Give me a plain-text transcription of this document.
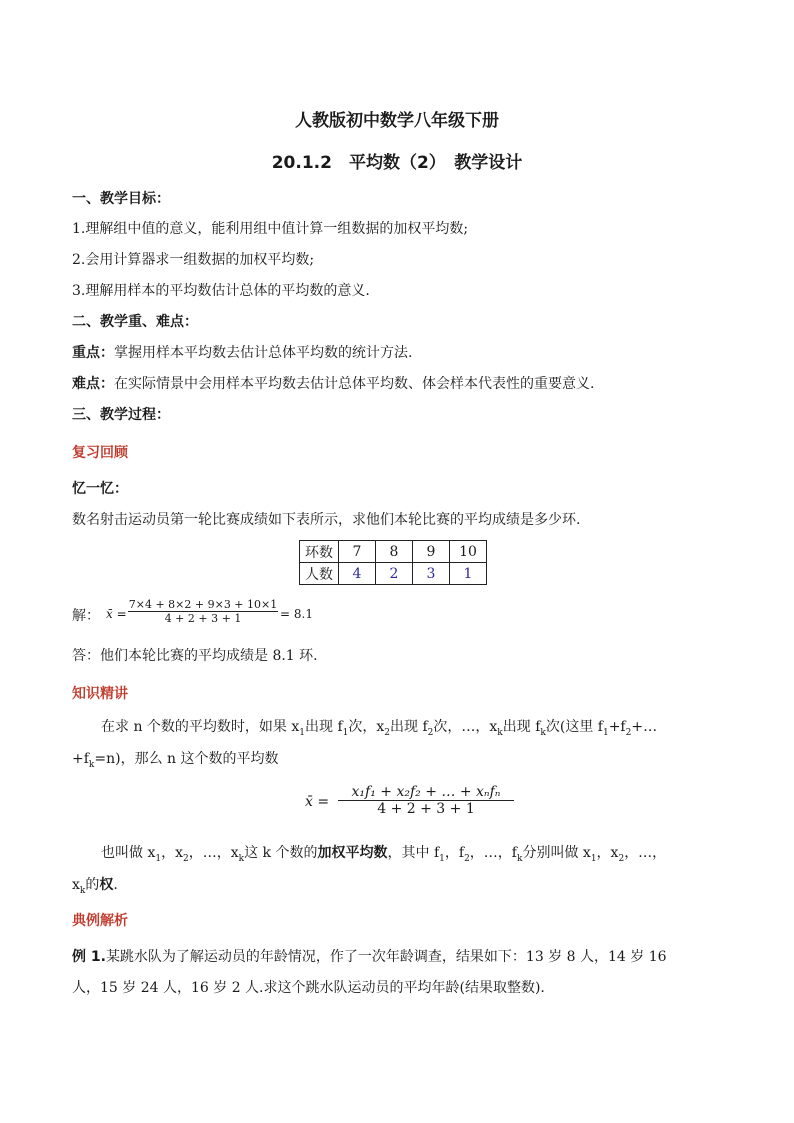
人教版初中数学八年级下册
20.1.2　平均数（2）　教学设计
一、教学目标：
1.理解组中值的意义，能利用组中值计算一组数据的加权平均数;
2.会用计算器求一组数据的加权平均数;
3.理解用样本的平均数估计总体的平均数的意义.
二、教学重、难点：
重点：掌握用样本平均数去估计总体平均数的统计方法.
难点：在实际情景中会用样本平均数去估计总体平均数、体会样本代表性的重要意义.
三、教学过程：
复习回顾
忆一忆：
数名射击运动员第一轮比赛成绩如下表所示，求他们本轮比赛的平均成绩是多少环.
环数	7	8	9	10
人数	4	2	3	1
解： x̄ = $\frac{7\times 4 + 8\times 2 + 9\times 3 + 10\times 1}{4 + 2 + 3 + 1} = 8.1$
答：他们本轮比赛的平均成绩是 8.1 环.
知识精讲
在求 n 个数的平均数时，如果 $x_1$出现 $f_1$次，$x_2$出现 $f_2$次，…，$x_k$出现 $f_k$次(这里 $f_1+f_2+\dots$
$+f_k=n$)，那么 n 这个数的平均数
x̄ =
x₁f₁ + x₂f₂ + … + xₙfₙ
4 + 2 + 3 + 1
也叫做 $x_1$，$x_2$，…，$x_k$这 k 个数的加权平均数，其中 $f_1$，$f_2$，…，$f_k$分别叫做 $x_1$，$x_2$，…，
$x_k$的权.
典例解析
例 1.某跳水队为了解运动员的年龄情况，作了一次年龄调查，结果如下：13 岁 8 人，14 岁 16
人，15 岁 24 人，16 岁 2 人.求这个跳水队运动员的平均年龄(结果取整数).
